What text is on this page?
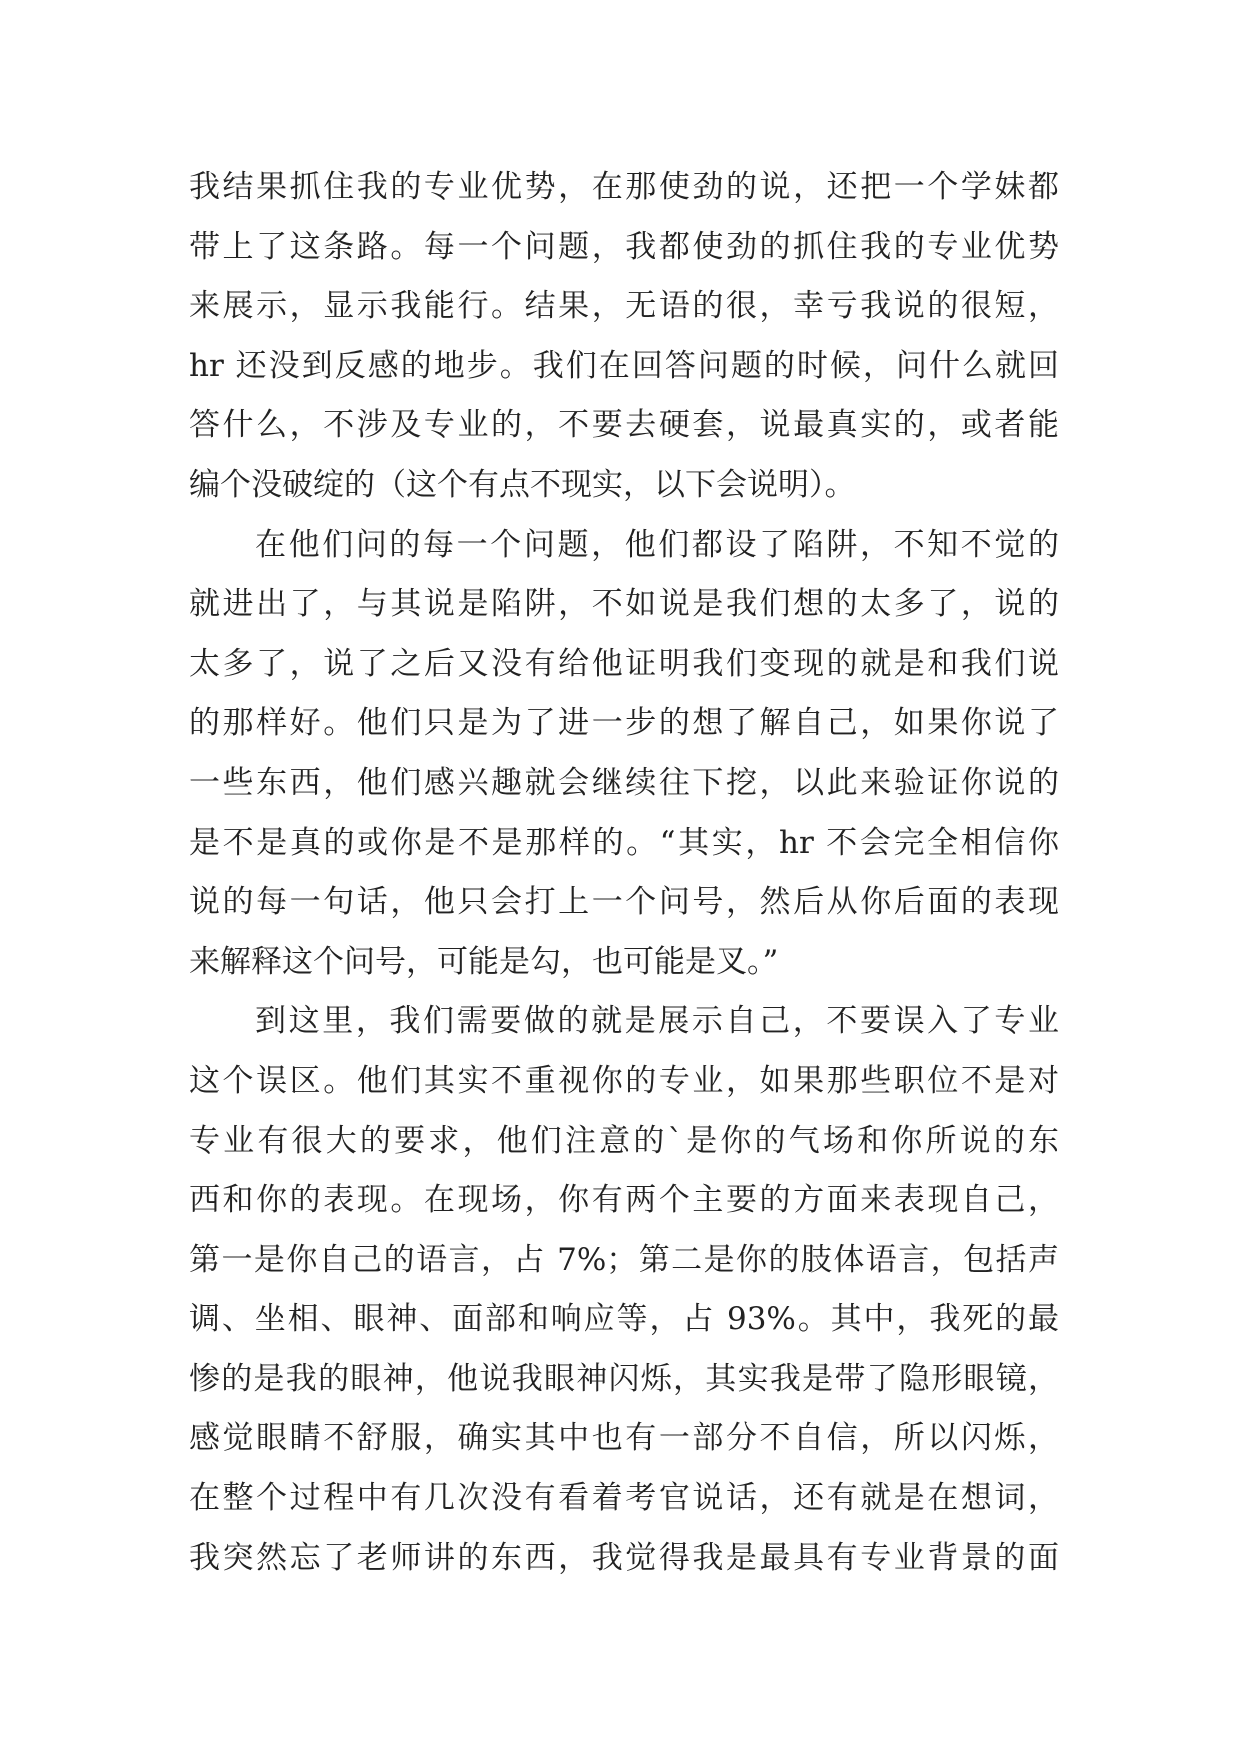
我结果抓住我的专业优势，在那使劲的说，还把一个学妹都
带上了这条路。每一个问题，我都使劲的抓住我的专业优势
来展示，显示我能行。结果，无语的很，幸亏我说的很短，
hr 还没到反感的地步。我们在回答问题的时候，问什么就回
答什么，不涉及专业的，不要去硬套，说最真实的，或者能
编个没破绽的（这个有点不现实，以下会说明）。
在他们问的每一个问题，他们都设了陷阱，不知不觉的
就进出了，与其说是陷阱，不如说是我们想的太多了，说的
太多了，说了之后又没有给他证明我们变现的就是和我们说
的那样好。他们只是为了进一步的想了解自己，如果你说了
一些东西，他们感兴趣就会继续往下挖，以此来验证你说的
是不是真的或你是不是那样的。“其实，hr 不会完全相信你
说的每一句话，他只会打上一个问号，然后从你后面的表现
来解释这个问号，可能是勾，也可能是叉。”
到这里，我们需要做的就是展示自己，不要误入了专业
这个误区。他们其实不重视你的专业，如果那些职位不是对
专业有很大的要求，他们注意的`是你的气场和你所说的东
西和你的表现。在现场，你有两个主要的方面来表现自己，
第一是你自己的语言，占 7%；第二是你的肢体语言，包括声
调、坐相、眼神、面部和响应等，占 93%。其中，我死的最
惨的是我的眼神，他说我眼神闪烁，其实我是带了隐形眼镜，
感觉眼睛不舒服，确实其中也有一部分不自信，所以闪烁，
在整个过程中有几次没有看着考官说话，还有就是在想词，
我突然忘了老师讲的东西，我觉得我是最具有专业背景的面
